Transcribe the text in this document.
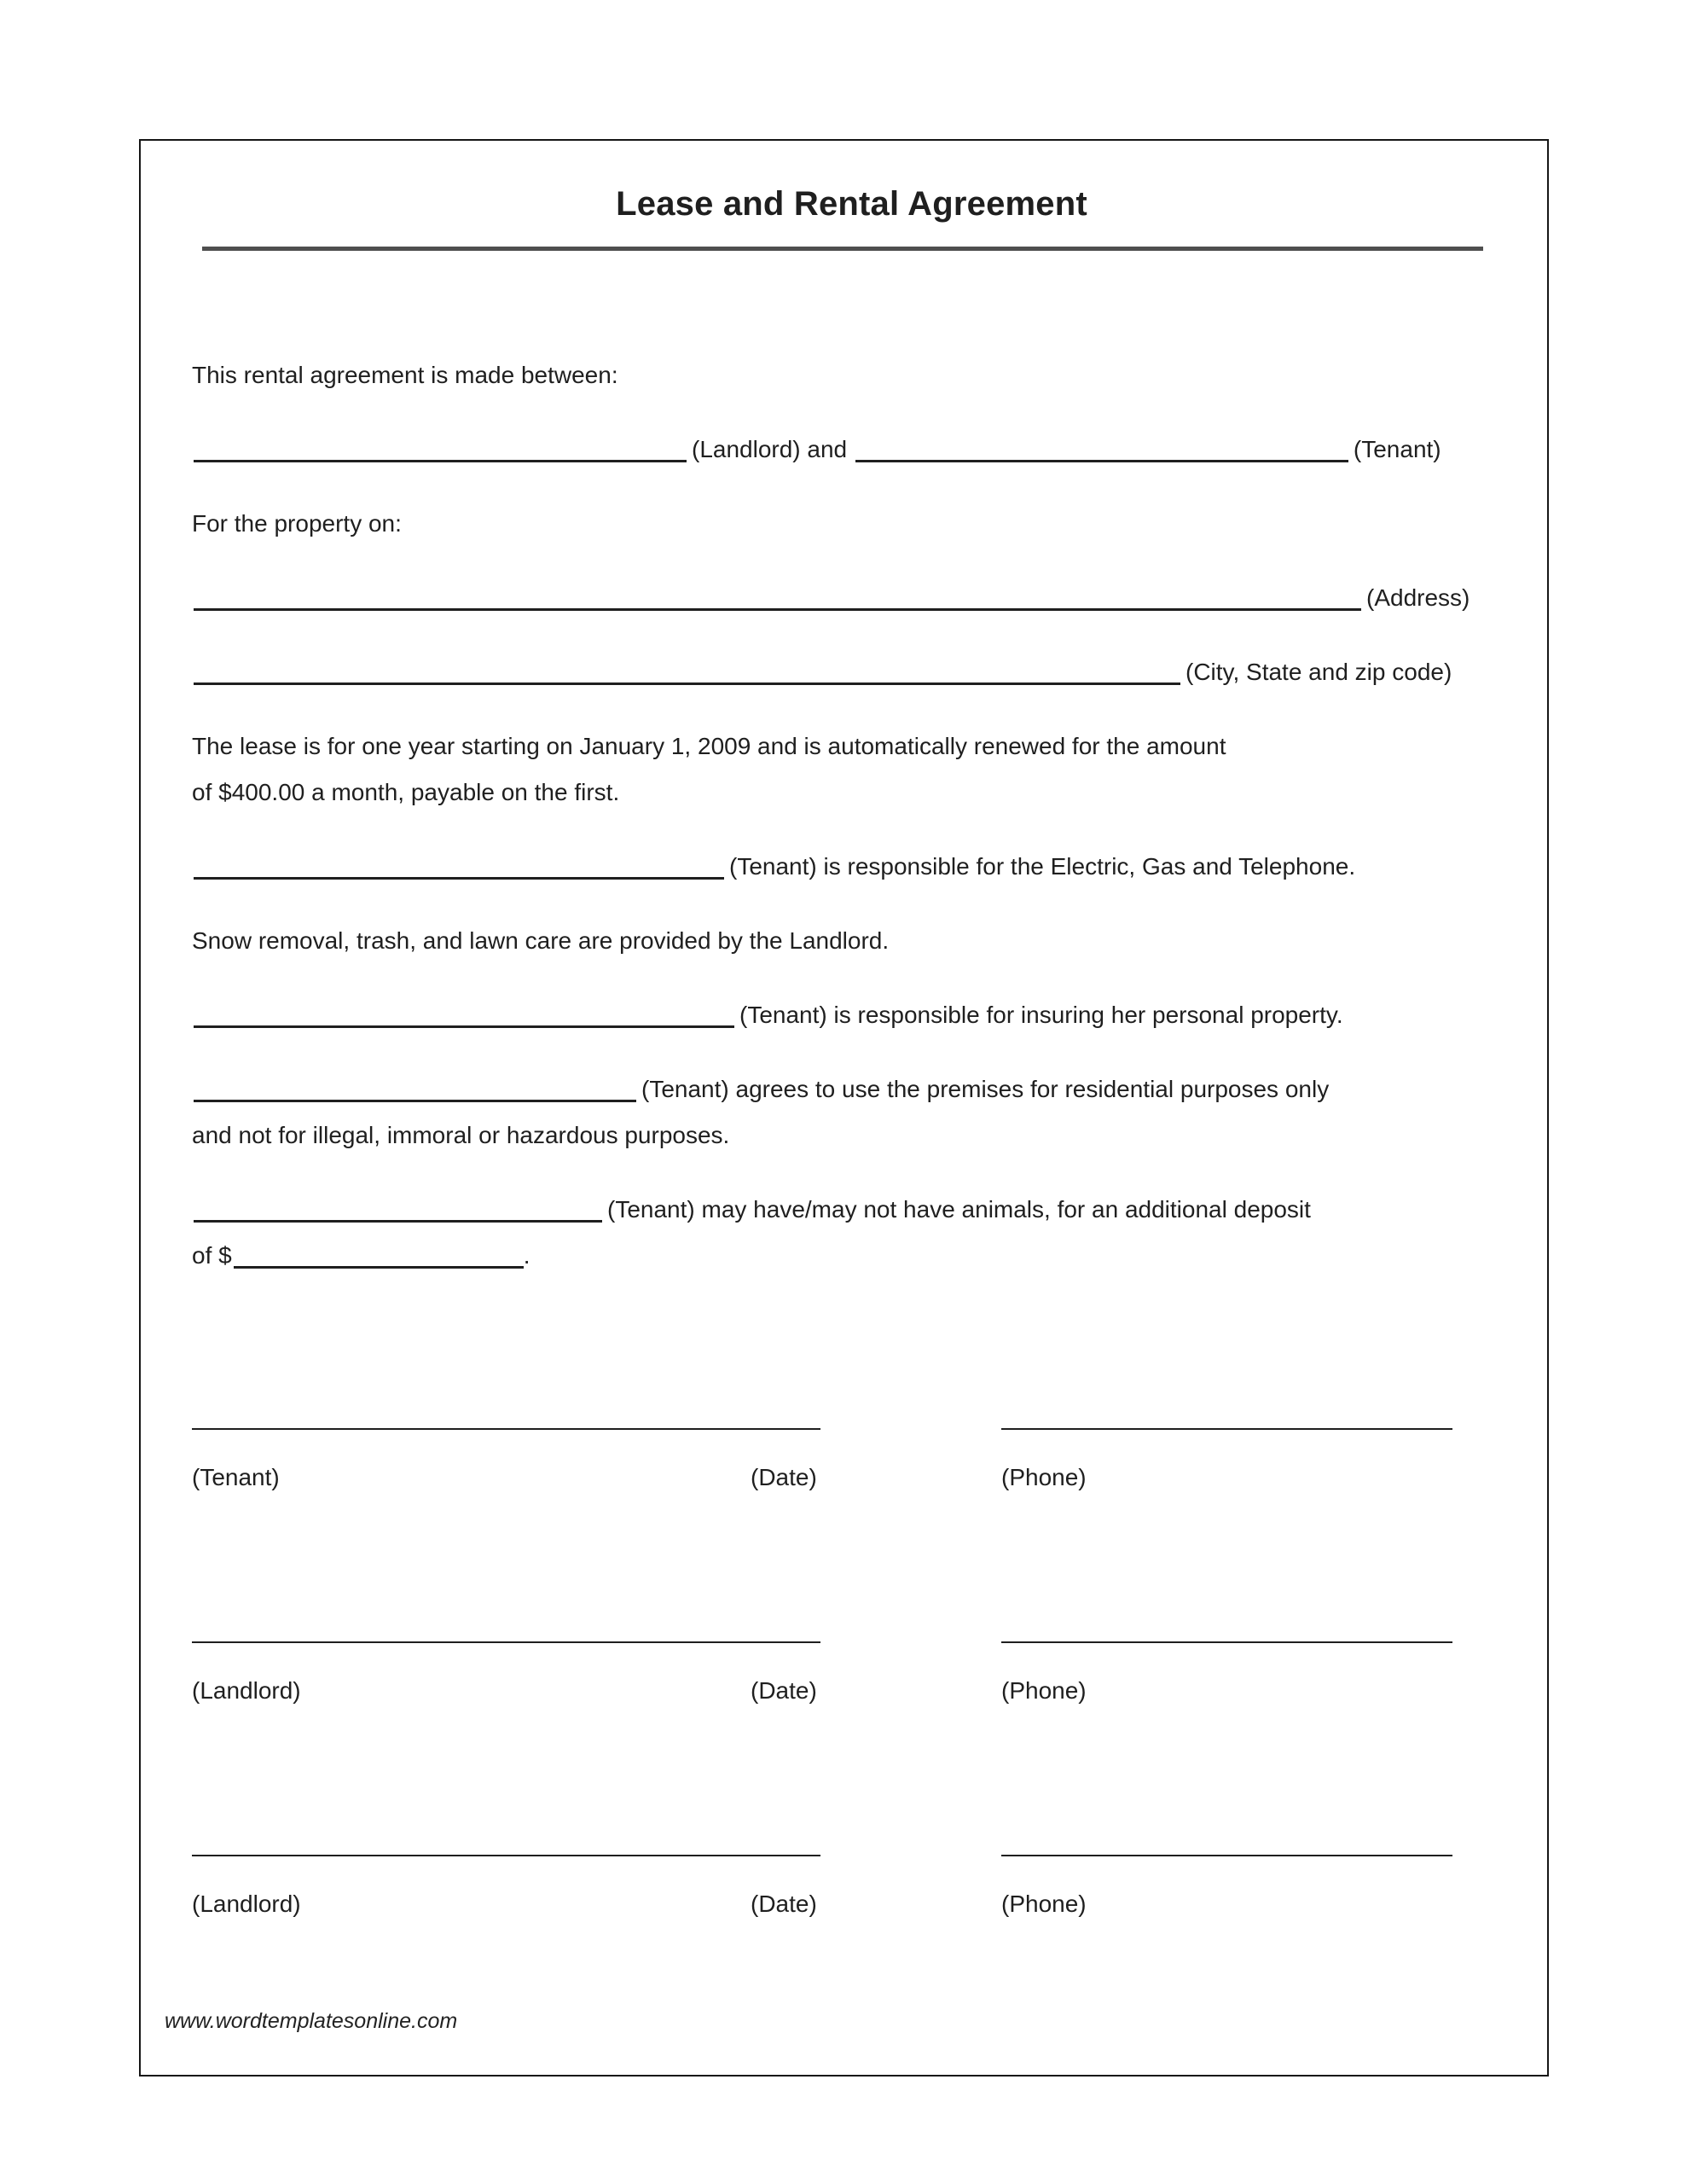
Lease and Rental Agreement

This rental agreement is made between:

(Landlord) and	(Tenant)

For the property on:

(Address)

(City, State and zip code)

The lease is for one year starting on January 1, 2009 and is automatically renewed for the amount

of $400.00 a month, payable on the first.

(Tenant) is responsible for the Electric, Gas and Telephone.

Snow removal, trash, and lawn care are provided by the Landlord.

(Tenant) is responsible for insuring her personal property.

(Tenant) agrees to use the premises for residential purposes only

and not for illegal, immoral or hazardous purposes.

(Tenant) may have/may not have animals, for an additional deposit

of $	.

(Tenant)	(Date)	(Phone)
(Landlord)	(Date)	(Phone)
(Landlord)	(Date)	(Phone)
www.wordtemplatesonline.com
